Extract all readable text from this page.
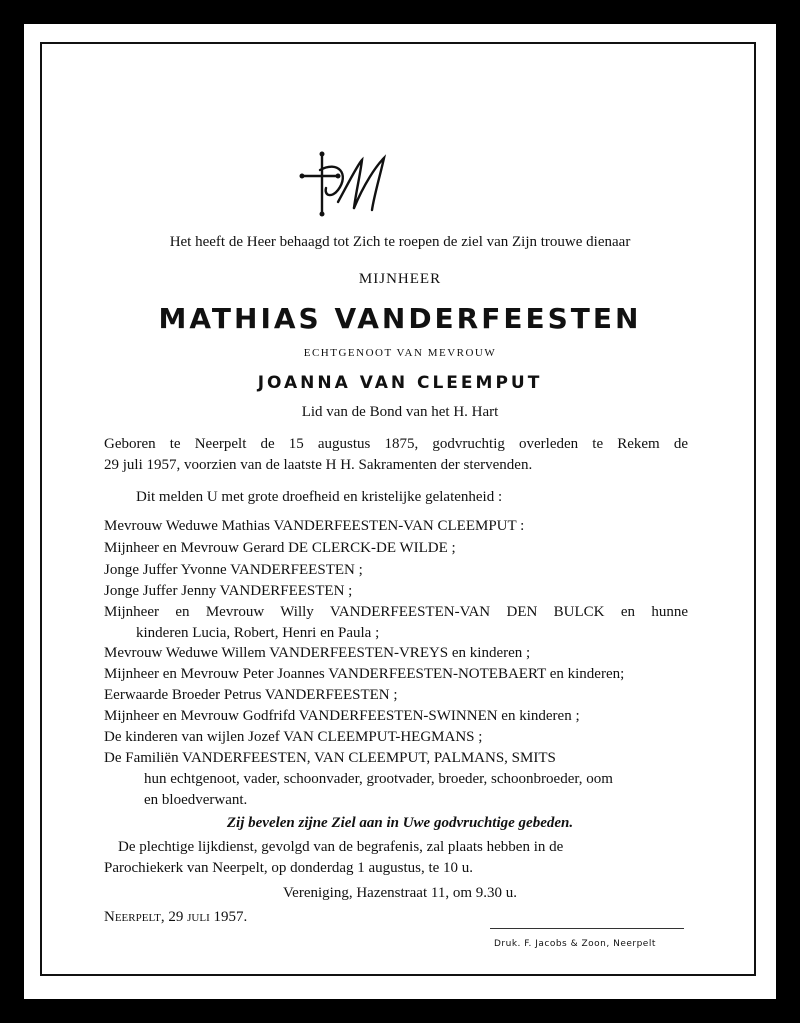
Het heeft de Heer behaagd tot Zich te roepen de ziel van Zijn trouwe dienaar

MIJNHEER

MATHIAS VANDERFEESTEN

ECHTGENOOT VAN MEVROUW

JOANNA VAN CLEEMPUT

Lid van de Bond van het H. Hart

Geboren te Neerpelt de 15 augustus 1875, godvruchtig overleden te Rekem de

29 juli 1957, voorzien van de laatste H H. Sakramenten der stervenden.

Dit melden U met grote droefheid en kristelijke gelatenheid :

Mevrouw Weduwe Mathias VANDERFEESTEN-VAN CLEEMPUT :

Mijnheer en Mevrouw Gerard DE CLERCK-DE WILDE ;

Jonge Juffer Yvonne VANDERFEESTEN ;

Jonge Juffer Jenny VANDERFEESTEN ;

Mijnheer en Mevrouw Willy VANDERFEESTEN-VAN DEN BULCK en hunne

kinderen Lucia, Robert, Henri en Paula ;

Mevrouw Weduwe Willem VANDERFEESTEN-VREYS en kinderen ;

Mijnheer en Mevrouw Peter Joannes VANDERFEESTEN-NOTEBAERT en kinderen;

Eerwaarde Broeder Petrus VANDERFEESTEN ;

Mijnheer en Mevrouw Godfrifd VANDERFEESTEN-SWINNEN en kinderen ;

De kinderen van wijlen Jozef VAN CLEEMPUT-HEGMANS ;

De Familiën VANDERFEESTEN, VAN CLEEMPUT, PALMANS, SMITS

hun echtgenoot, vader, schoonvader, grootvader, broeder, schoonbroeder, oom

en bloedverwant.

Zij bevelen zijne Ziel aan in Uwe godvruchtige gebeden.

De plechtige lijkdienst, gevolgd van de begrafenis, zal plaats hebben in de

Parochiekerk van Neerpelt, op donderdag 1 augustus, te 10 u.

Vereniging, Hazenstraat 11, om 9.30 u.

Neerpelt, 29 juli 1957.

Druk. F. Jacobs & Zoon, Neerpelt
